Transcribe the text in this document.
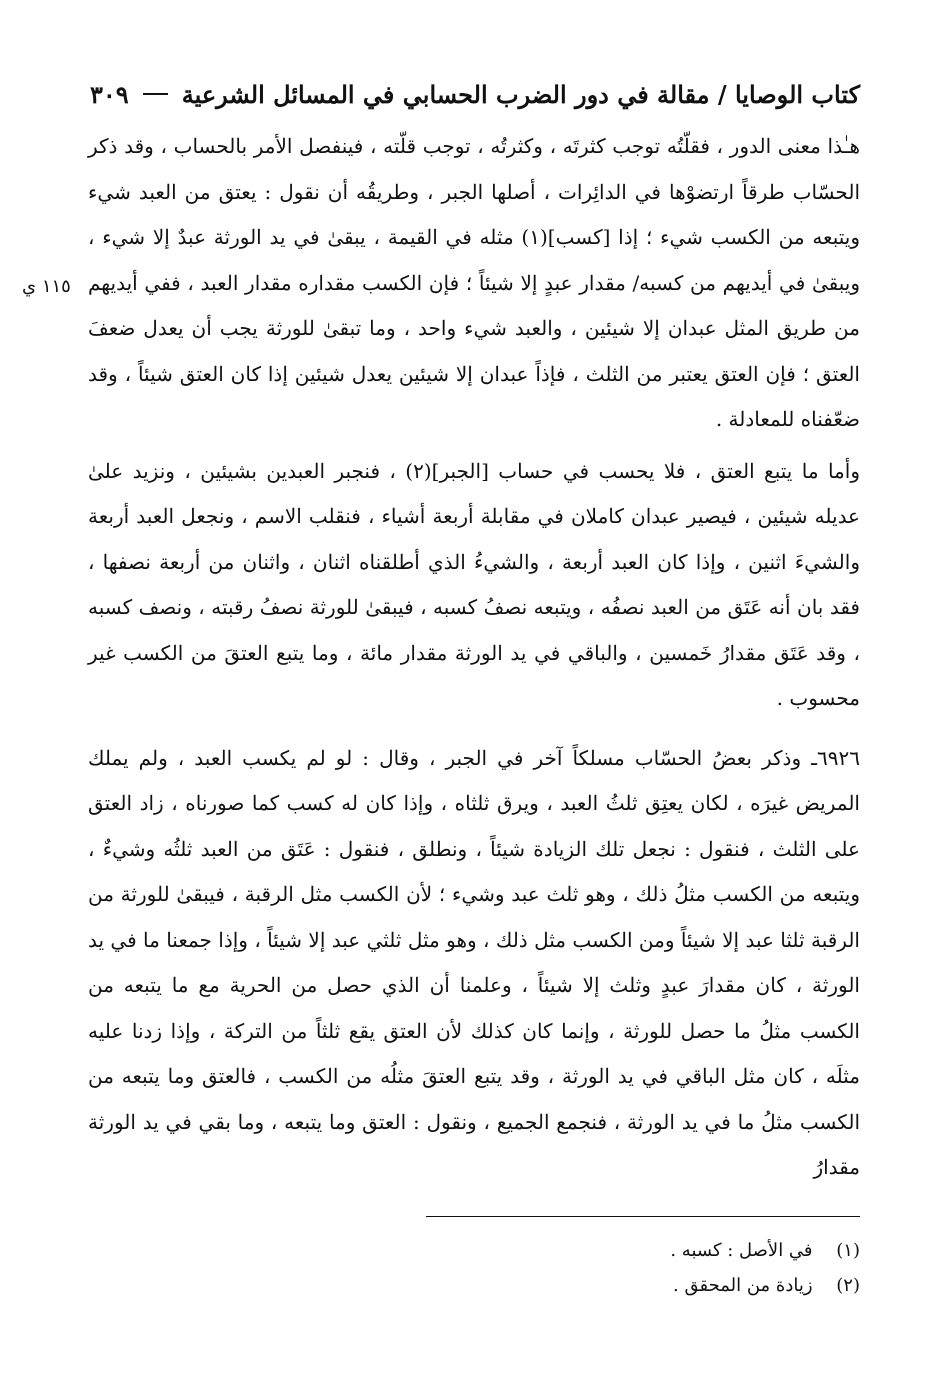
كتاب الوصايا / مقالة في دور الضرب الحسابي في المسائل الشرعية
٣٠٩
١١٥ ي

هـٰذا معنى الدور ، فقلّتُه توجب كثرتَه ، وكثرتُه ، توجب قلّته ، فينفصل الأمر بالحساب ، وقد ذكر الحسّاب طرقاً ارتضوْها في الدائِرات ، أصلها الجبر ، وطريقُه أن نقول : يعتق من العبد شيء ويتبعه من الكسب شيء ؛ إذا [كسب](١) مثله في القيمة ، يبقىٰ في يد الورثة عبدٌ إلا شيء ، ويبقىٰ في أيديهم من كسبه/ مقدار عبدٍ إلا شيئاً ؛ فإن الكسب مقداره مقدار العبد ، ففي أيديهم من طريق المثل عبدان إلا شيئين ، والعبد شيء واحد ، وما تبقىٰ للورثة يجب أن يعدل ضعفَ العتق ؛ فإن العتق يعتبر من الثلث ، فإذاً عبدان إلا شيئين يعدل شيئين إذا كان العتق شيئاً ، وقد ضعّفناه للمعادلة .

وأما ما يتبع العتق ، فلا يحسب في حساب [الجبر](٢) ، فنجبر العبدين بشيئين ، ونزيد علىٰ عديله شيئين ، فيصير عبدان كاملان في مقابلة أربعة أشياء ، فنقلب الاسم ، ونجعل العبد أربعة والشيءَ اثنين ، وإذا كان العبد أربعة ، والشيءُ الذي أطلقناه اثنان ، واثنان من أربعة نصفها ، فقد بان أنه عَتَق من العبد نصفُه ، ويتبعه نصفُ كسبه ، فيبقىٰ للورثة نصفُ رقبته ، ونصف كسبه ، وقد عَتَق مقدارُ خَمسين ، والباقي في يد الورثة مقدار مائة ، وما يتبع العتقَ من الكسب غير محسوب .

٦٩٢٦ـ وذكر بعضُ الحسّاب مسلكاً آخر في الجبر ، وقال : لو لم يكسب العبد ، ولم يملك المريض غيرَه ، لكان يعتِق ثلثُ العبد ، ويرق ثلثاه ، وإذا كان له كسب كما صورناه ، زاد العتق على الثلث ، فنقول : نجعل تلك الزيادة شيئاً ، ونطلق ، فنقول : عَتَق من العبد ثلثُه وشيءٌ ، ويتبعه من الكسب مثلُ ذلك ، وهو ثلث عبد وشيء ؛ لأن الكسب مثل الرقبة ، فيبقىٰ للورثة من الرقبة ثلثا عبد إلا شيئاً ومن الكسب مثل ذلك ، وهو مثل ثلثي عبد إلا شيئاً ، وإذا جمعنا ما في يد الورثة ، كان مقدارَ عبدٍ وثلث إلا شيئاً ، وعلمنا أن الذي حصل من الحرية مع ما يتبعه من الكسب مثلُ ما حصل للورثة ، وإنما كان كذلك لأن العتق يقع ثلثاً من التركة ، وإذا زدنا عليه مثلَه ، كان مثل الباقي في يد الورثة ، وقد يتبع العتقَ مثلُه من الكسب ، فالعتق وما يتبعه من الكسب مثلُ ما في يد الورثة ، فنجمع الجميع ، ونقول : العتق وما يتبعه ، وما بقي في يد الورثة مقدارُ

(١) في الأصل : كسبه .
(٢) زيادة من المحقق .
